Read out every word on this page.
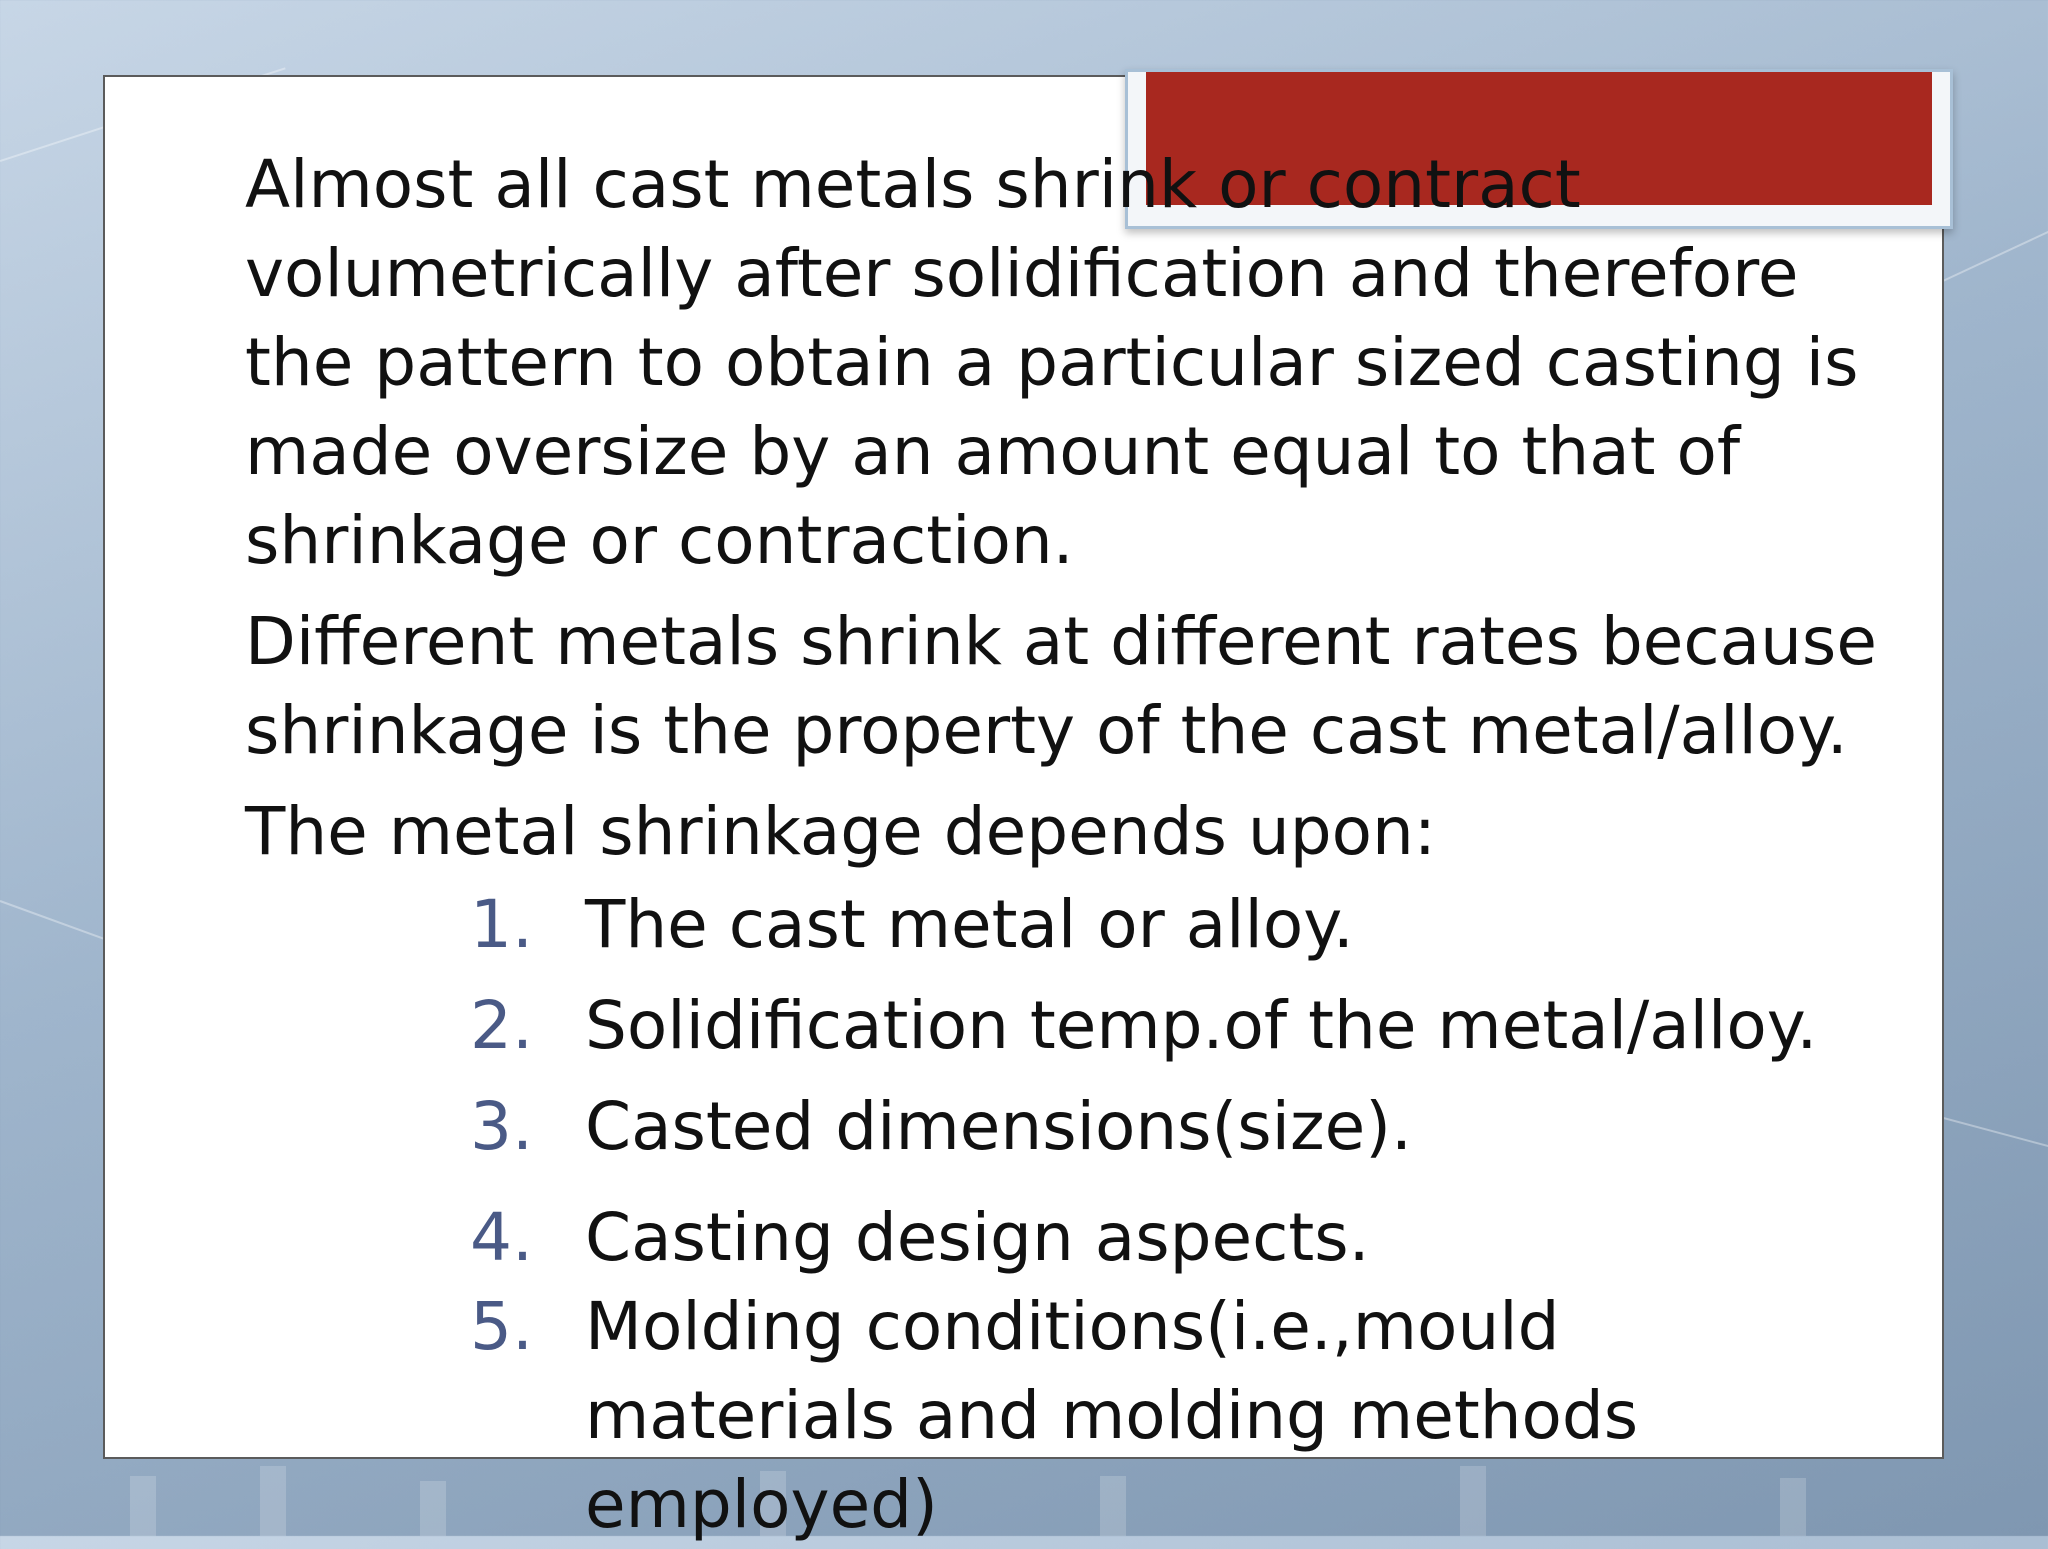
Almost all cast metals shrink or contract volumetrically after solidification and therefore the pattern to obtain a particular sized casting is made oversize by an amount equal to that of shrinkage or contraction.

Different metals shrink at different rates because shrinkage is the property of the cast metal/alloy.

The metal shrinkage depends upon:

1. The cast metal or alloy.
2. Solidification temp.of the metal/alloy.
3. Casted dimensions(size).
4. Casting design aspects.
5. Molding conditions(i.e.,mould materials and molding methods employed)
